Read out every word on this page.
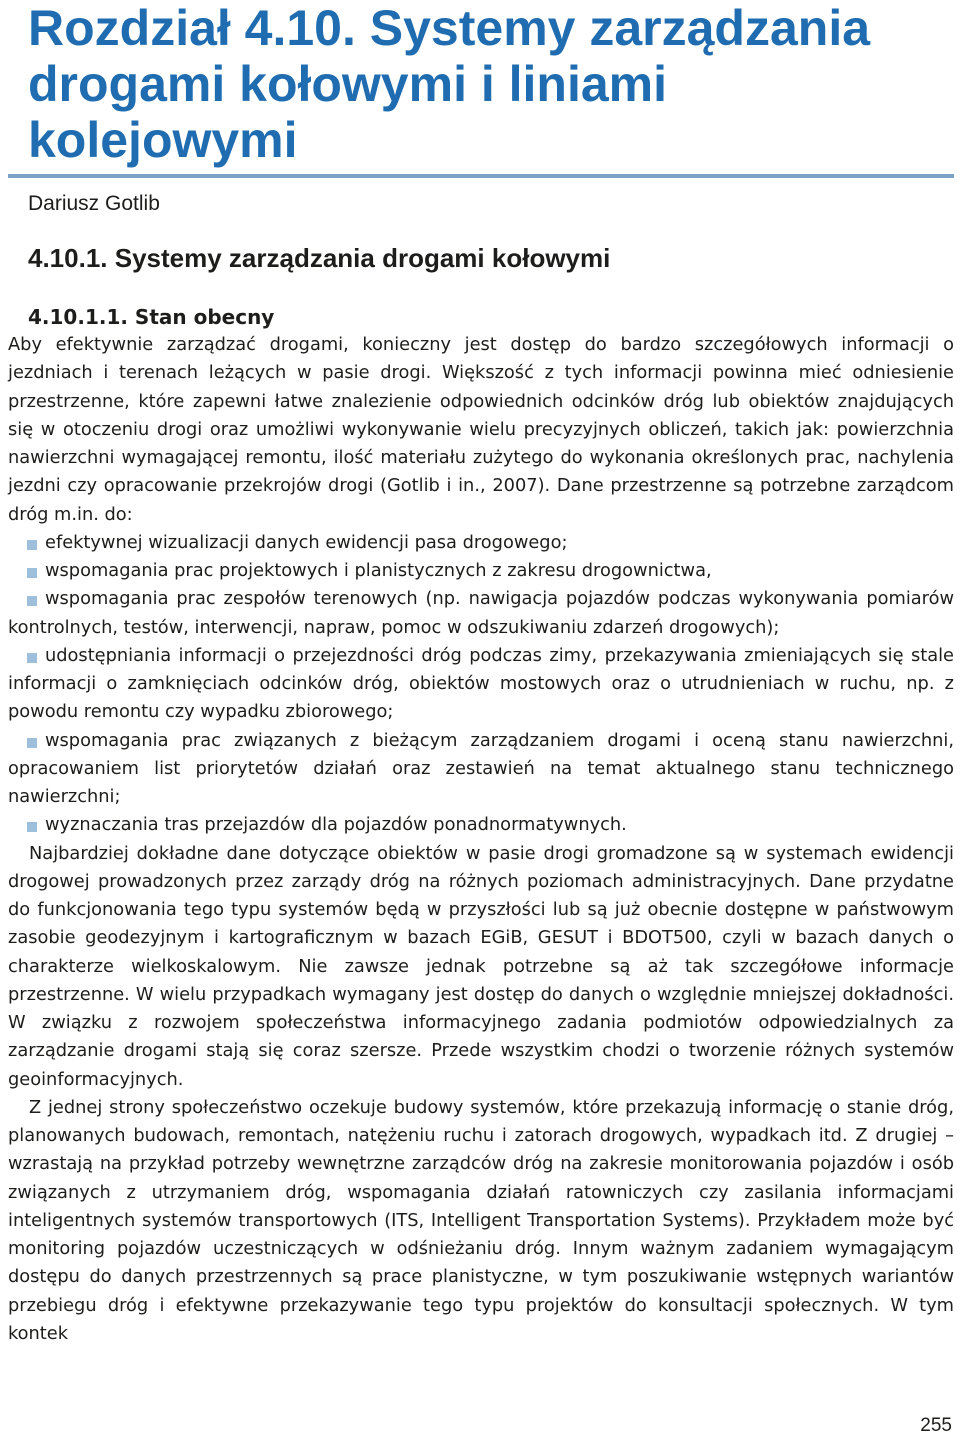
Rozdział 4.10. Systemy zarządzania drogami kołowymi i liniami kolejowymi

Dariusz Gotlib

4.10.1. Systemy zarządzania drogami kołowymi
4.10.1.1. Stan obecny

Aby efektywnie zarządzać drogami, konieczny jest dostęp do bardzo szczegółowych informacji o jezdniach i terenach leżących w pasie drogi. Większość z tych informacji powinna mieć odniesienie przestrzenne, które zapewni łatwe znalezienie odpowiednich odcinków dróg lub obiektów znajdujących się w otoczeniu drogi oraz umożliwi wykonywanie wielu precyzyjnych obliczeń, takich jak: powierzchnia nawierzchni wymagającej remontu, ilość materiału zużytego do wykonania określonych prac, nachylenia jezdni czy opracowanie przekrojów drogi (Gotlib i in., 2007). Dane przestrzenne są potrzebne zarządcom dróg m.in. do:

efektywnej wizualizacji danych ewidencji pasa drogowego;
wspomagania prac projektowych i planistycznych z zakresu drogownictwa,
wspomagania prac zespołów terenowych (np. nawigacja pojazdów podczas wykonywania pomiarów kontrolnych, testów, interwencji, napraw, pomoc w odszukiwaniu zdarzeń drogowych);
udostępniania informacji o przejezdności dróg podczas zimy, przekazywania zmieniających się stale informacji o zamknięciach odcinków dróg, obiektów mostowych oraz o utrudnieniach w ruchu, np. z powodu remontu czy wypadku zbiorowego;
wspomagania prac związanych z bieżącym zarządzaniem drogami i oceną stanu nawierzchni, opracowaniem list priorytetów działań oraz zestawień na temat aktualnego stanu technicznego nawierzchni;
wyznaczania tras przejazdów dla pojazdów ponadnormatywnych.

Najbardziej dokładne dane dotyczące obiektów w pasie drogi gromadzone są w systemach ewidencji drogowej prowadzonych przez zarządy dróg na różnych poziomach administracyjnych. Dane przydatne do funkcjonowania tego typu systemów będą w przyszłości lub są już obecnie dostępne w państwowym zasobie geodezyjnym i kartograficznym w bazach EGiB, GESUT i BDOT500, czyli w bazach danych o charakterze wielkoskalowym. Nie zawsze jednak potrzebne są aż tak szczegółowe informacje przestrzenne. W wielu przypadkach wymagany jest dostęp do danych o względnie mniejszej dokładności. W związku z rozwojem społeczeństwa informacyjnego zadania podmiotów odpowiedzialnych za zarządzanie drogami stają się coraz szersze. Przede wszystkim chodzi o tworzenie różnych systemów geoinformacyjnych.

Z jednej strony społeczeństwo oczekuje budowy systemów, które przekazują informację o stanie dróg, planowanych budowach, remontach, natężeniu ruchu i zatorach drogowych, wypadkach itd. Z drugiej – wzrastają na przykład potrzeby wewnętrzne zarządców dróg na zakresie monitorowania pojazdów i osób związanych z utrzymaniem dróg, wspomagania działań ratowniczych czy zasilania informacjami inteligentnych systemów transportowych (ITS, Intelligent Transportation Systems). Przykładem może być monitoring pojazdów uczestniczących w odśnieżaniu dróg. Innym ważnym zadaniem wymagającym dostępu do danych przestrzennych są prace planistyczne, w tym poszukiwanie wstępnych wariantów przebiegu dróg i efektywne przekazywanie tego typu projektów do konsultacji społecznych. W tym kontek

255
